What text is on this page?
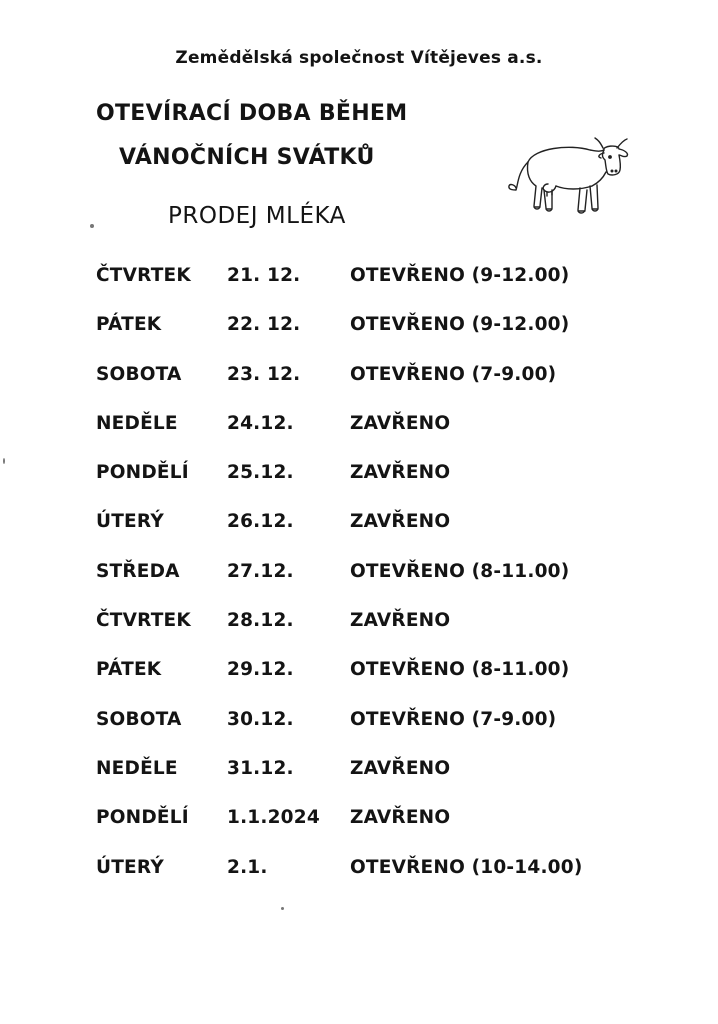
Zemědělská společnost Vítějeves a.s.
OTEVÍRACÍ DOBA BĚHEM
VÁNOČNÍCH SVÁTKŮ
PRODEJ MLÉKA
ČTVRTEK 21. 12.	OTEVŘENO (9-12.00)
PÁTEK	22. 12.	OTEVŘENO (9-12.00)
SOBOTA 23. 12.	OTEVŘENO (7-9.00)
NEDĚLE	24.12.	ZAVŘENO
PONDĚLÍ 25.12.	ZAVŘENO
ÚTERÝ	26.12.	ZAVŘENO
STŘEDA	27.12.	OTEVŘENO (8-11.00)
ČTVRTEK 28.12.	ZAVŘENO
PÁTEK	29.12.	OTEVŘENO (8-11.00)
SOBOTA 30.12.	OTEVŘENO (7-9.00)
NEDĚLE	31.12.	ZAVŘENO
PONDĚLÍ 1.1.2024 ZAVŘENO
ÚTERÝ	2.1.	OTEVŘENO (10-14.00)
